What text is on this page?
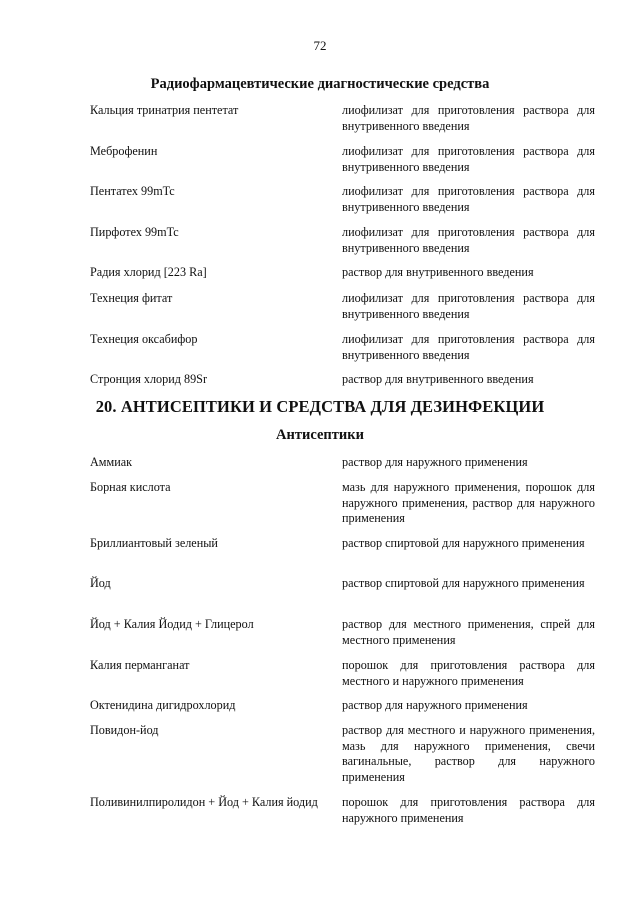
72
Радиофармацевтические диагностические средства
Кальция тринатрия пентетат	лиофилизат для приготовления раствора для внутривенного введения
Меброфенин	лиофилизат для приготовления раствора для внутривенного введения
Пентатех 99mTc	лиофилизат для приготовления раствора для внутривенного введения
Пирфотех 99mTc	лиофилизат для приготовления раствора для внутривенного введения
Радия хлорид [223 Ra]	раствор для внутривенного введения
Технеция фитат	лиофилизат для приготовления раствора для внутривенного введения
Технеция оксабифор	лиофилизат для приготовления раствора для внутривенного введения
Стронция хлорид 89Sr	раствор для внутривенного введения
20. АНТИСЕПТИКИ И СРЕДСТВА ДЛЯ ДЕЗИНФЕКЦИИ
Антисептики
Аммиак	раствор для наружного применения
Борная кислота	мазь для наружного применения, порошок для наружного применения, раствор для наружного применения
Бриллиантовый зеленый	раствор спиртовой для наружного применения
Йод	раствор спиртовой для наружного применения
Йод + Калия Йодид + Глицерол	раствор для местного применения, спрей для местного применения
Калия перманганат	порошок для приготовления раствора для местного и наружного применения
Октенидина дигидрохлорид	раствор для наружного применения
Повидон-йод	раствор для местного и наружного применения, мазь для наружного применения, свечи вагинальные, раствор для наружного применения
Поливинилпиролидон + Йод + Калия йодид	порошок для приготовления раствора для наружного применения
